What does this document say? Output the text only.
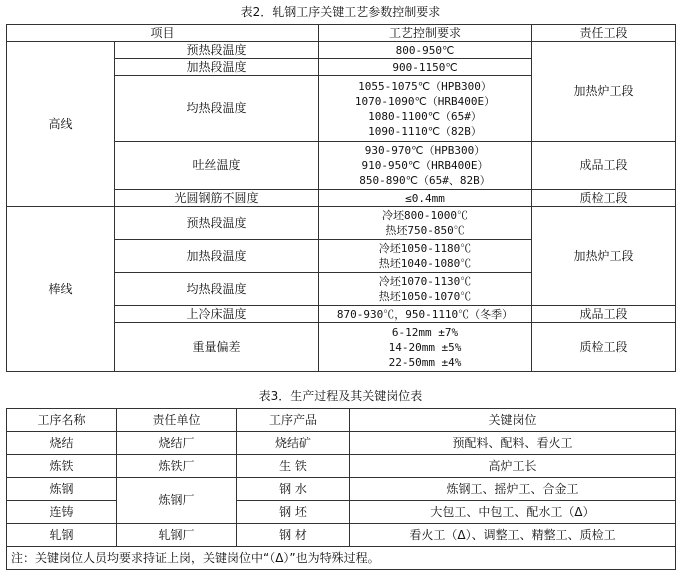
表2．轧钢工序关键工艺参数控制要求
项目		工艺控制要求	责任工段
高线	预热段温度	800-950℃	加热炉工段
	加热段温度	900-1150℃	
	均热段温度	1055-1075℃（HPB300）
1070-1090℃（HRB400E）
1080-1100℃（65#）
1090-1110℃（82B）	

	吐丝温度	930-970℃（HPB300）
910-950℃（HRB400E）
850-890℃（65#、82B）	成品工段
	光圆钢筋不圆度	≤0.4mm	质检工段
棒线	预热段温度	冷坯800-1000℃
热坯750-850℃	加热炉工段
	加热段温度	冷坯1050-1180℃
热坯1040-1080℃	

	均热段温度	冷坯1070-1130℃
热坯1050-1070℃	

	上冷床温度	870-930℃，950-1110℃（冬季）	成品工段
	重量偏差	6-12mm ±7%
14-20mm ±5%
22-50mm ±4%	质检工段
表3．生产过程及其关键岗位表
工序名称	责任单位	工序产品	关键岗位
烧结	烧结厂	烧结矿	预配料、配料、看火工
炼铁	炼铁厂	生 铁	高炉工长
炼钢	炼钢厂	钢 水	炼钢工、摇炉工、合金工
连铸		钢 坯	大包工、中包工、配水工（Δ）
轧钢	轧钢厂	钢 材	看火工（Δ）、调整工、精整工、质检工
注：关键岗位人员均要求持证上岗，关键岗位中“（Δ）”也为特殊过程。			
